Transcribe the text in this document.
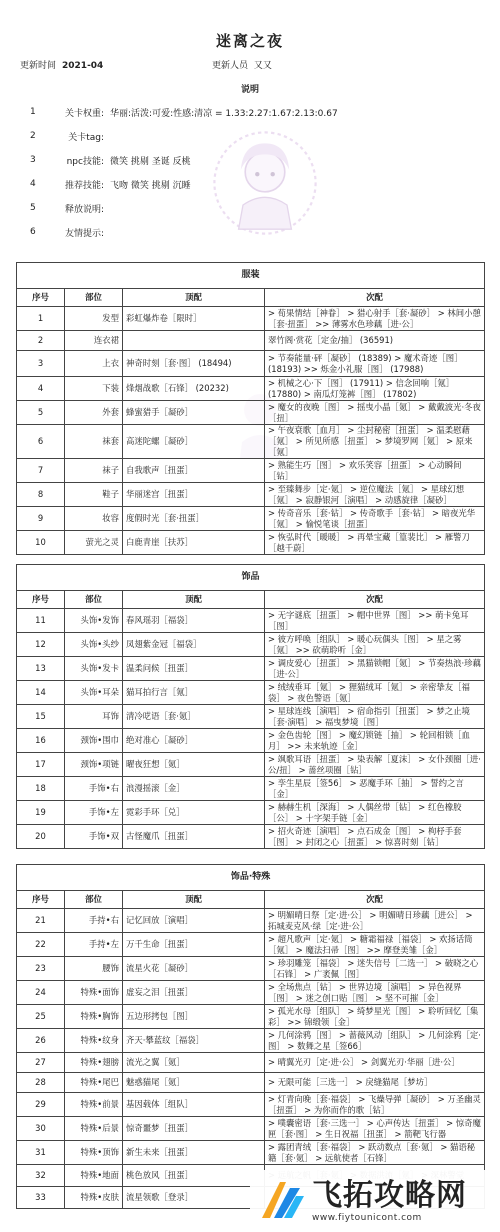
迷离之夜
更新时间 2021-04	更新人员 又又
说明
1	关卡权重: 华丽:活泼:可爱:性感:清凉 = 1.33:2.27:1.67:2.13:0.67
2	关卡tag:
3	npc技能: 微笑 挑剔 圣诞 反桃
4	推荐技能: 飞吻 微笑 挑剔 沉睡
5	释放说明:
6	友情提示:
服装			
序号	部位	顶配	次配
1	发型	彩虹爆炸卷［限时］	> 荀果情结［神眷］ > 猎心射手［套·凝砂］ > 林间小憩［套·扭蛋］ >> 薄雾水色珍藕［进·公］
2	连衣裙		翠竹阁·赏花［定金/抽］ (36591)
3	上衣	神奇时刻［套·图］ (18494)	> 节奏能量·砰［凝砂］ (18389) > 魔术奇迹［图］ (18193) >> 烁金小礼服［图］ (17988)
4	下装	烽烟战歌［石锋］ (20232)	> 机械之心·下［图］ (17911) > 信念回响［氪］ (17880) > 南瓜灯笼裤［图］ (17802)
5	外套	蜂蜜猎手［凝砂］	> 魔女的夜晚［图］ > 摇曳小晶［氪］ > 戴戴波光·冬夜［扭］
6	袜套	高迷陀螺［凝砂］	> 午夜衰歌［血月］ > 尘封秘密［扭蛋］ > 温柔慰藉［氪］ > 所见所感［扭蛋］ > 梦境罗网［氪］ > 原来［氪］
7	袜子	自我歌声［扭蛋］	> 熟能生巧［图］ > 欢乐笑容［扭蛋］ > 心动瞬间［钻］
8	鞋子	华丽迷宫［扭蛋］	> 至臻舞步［定·氪］ > 逆位魔法［氪］ > 星球幻想［氪］ > 寂静银河［演唱］ > 动感旋律［凝砂］
9	妆容	度假时光［套·扭蛋］	> 传奇音乐［套·钻］ > 传奇歌手［套·钻］ > 暗夜光华［氪］ > 愉悦笔谈［扭蛋］
10	萤光之灵	白鹿青崖［扶苏］	> 恢弘时代［暖暖］ > 再晕宝藏［篁裴比］ > 雁警刀［越千蔚］
饰品			
序号	部位	顶配	次配
11	头饰•发饰	春风瑶羽［福袋］	> 无字谜底［扭蛋］ > 帽中世界［图］ >> 萌卡兔耳［图］
12	头饰•头纱	凤翅紫金冠［福袋］	> 彼方呼唤［组队］ > 暖心玩偶头［图］ > 星之雾［氪］ >> 砍萌聆听［金］
13	头饰•发卡	温柔问候［扭蛋］	> 调皮爱心［扭蛋］ > 黑猫锁帽［氪］ > 节奏热浪·珍藕［进·公］
14	头饰•耳朵	猫耳拍行言［氪］	> 绒绒垂耳［氪］ > 狸猫绒耳［氪］ > 亲密挚友［福袋］ > 夜色警语［氪］
15	耳饰	清冷呓语［套·氪］	> 星球连线［演唱］ > 宿命指引［扭蛋］ > 梦之止境［套·演唱］ > 福曳梦境［图］
16	颈饰•围巾	绝对准心［凝砂］	> 金色齿轮［图］ > 魔幻锁链［抽］ > 轮回相锁［血月］ >> 未来轨迹［金］
17	颈饰•项链	曜夜狂想［氪］	> 飒歌耳语［扭蛋］ > 染表解［夏沫］ > 女仆颈圈［进·公/扭］ > 蔷丝项圈［钻］
18	手饰•右	浪漫摇滚［金］	> 孪生星辰［签56］ > 恶魔手环［抽］ > 誓约之言［金］
19	手饰•左	霓彩手环［兑］	> 赫赫生机［深海］ > 人偶丝带［钻］ > 红色橡胶［公］ > 十字架手链［金］
20	手饰•双	古怪魔爪［扭蛋］	> 招火奇迹［演唱］ > 点石成金［图］ > 枸杼手套［图］ > 封闭之心［扭蛋］ > 惊喜时刻［钻］
饰品·特殊			
序号	部位	顶配	次配
21	手持•右	记忆回放［演唱］	> 明媚晴日祭［定·进·公］ > 明媚晴日珍藕［进公］ > 拓城麦克风·绿［定·进·公］
22	手持•左	万千生命［扭蛋］	> 超凡歌声［定·氪］ > 糖霜福禄［福袋］ > 欢扬话筒［氪］ > 魔法扫帚［图］ >> 摩登美雏［金］
23	腰饰	流星火花［凝砂］	> 珍羽雕笼［福袋］ > 迷失信号［二选一］ > 破晓之心［石锋］ > 广袤佩［图］
24	特殊•面饰	虚妄之泪［扭蛋］	> 全场焦点［钻］ > 世界边境［演唱］ > 异色视界［图］ > 迷之创口贴［图］ > 坚不可摧［金］
25	特殊•胸饰	五边形拷包［图］	> 孤光水母［组队］ > 绮梦星光［图］ > 聆听回忆［集彩］ >> 锦缎领［金］
26	特殊•纹身	齐天·攀蓝纹［福袋］	> 几何涂鸦［图］ > 蔷薇风动［组队］ > 几何涂鸦［定·图］ > 数舞之星［签66］
27	特殊•翅膀	流光之翼［氪］	> 晴翼光刃［定·进·公］ > 剑翼光刃·华丽［进·公］
28	特殊•尾巴	魅惑猫尾［氪］	> 无限可能［三选一］ > 戾缝猫尾［梦坊］
29	特殊•前景	基因载体［组队］	> 灯青向晚［套·福袋］ > 飞燥导弹［凝砂］ > 万圣幽灵［扭蛋］ > 为你而作的歌［钻］
30	特殊•后景	惊奇噩梦［扭蛋］	> 噗囊密语［套·三选一］ > 心声传达［扭蛋］ > 惊奇魔匣［套·图］ > 生日祝福［扭蛋］ > 箭靶飞行器
31	特殊•顶饰	新生未来［扭蛋］	> 露团青绒［套·福袋］ > 跃动数点［套·氪］ > 猫语秘籍［套·氪］ > 远航使者［石锋］
32	特殊•地面	桃色放风［扭蛋］	
33	特殊•皮肤	流星领歌［登录］		飞拓攻略网
www.fiytounicont.com
